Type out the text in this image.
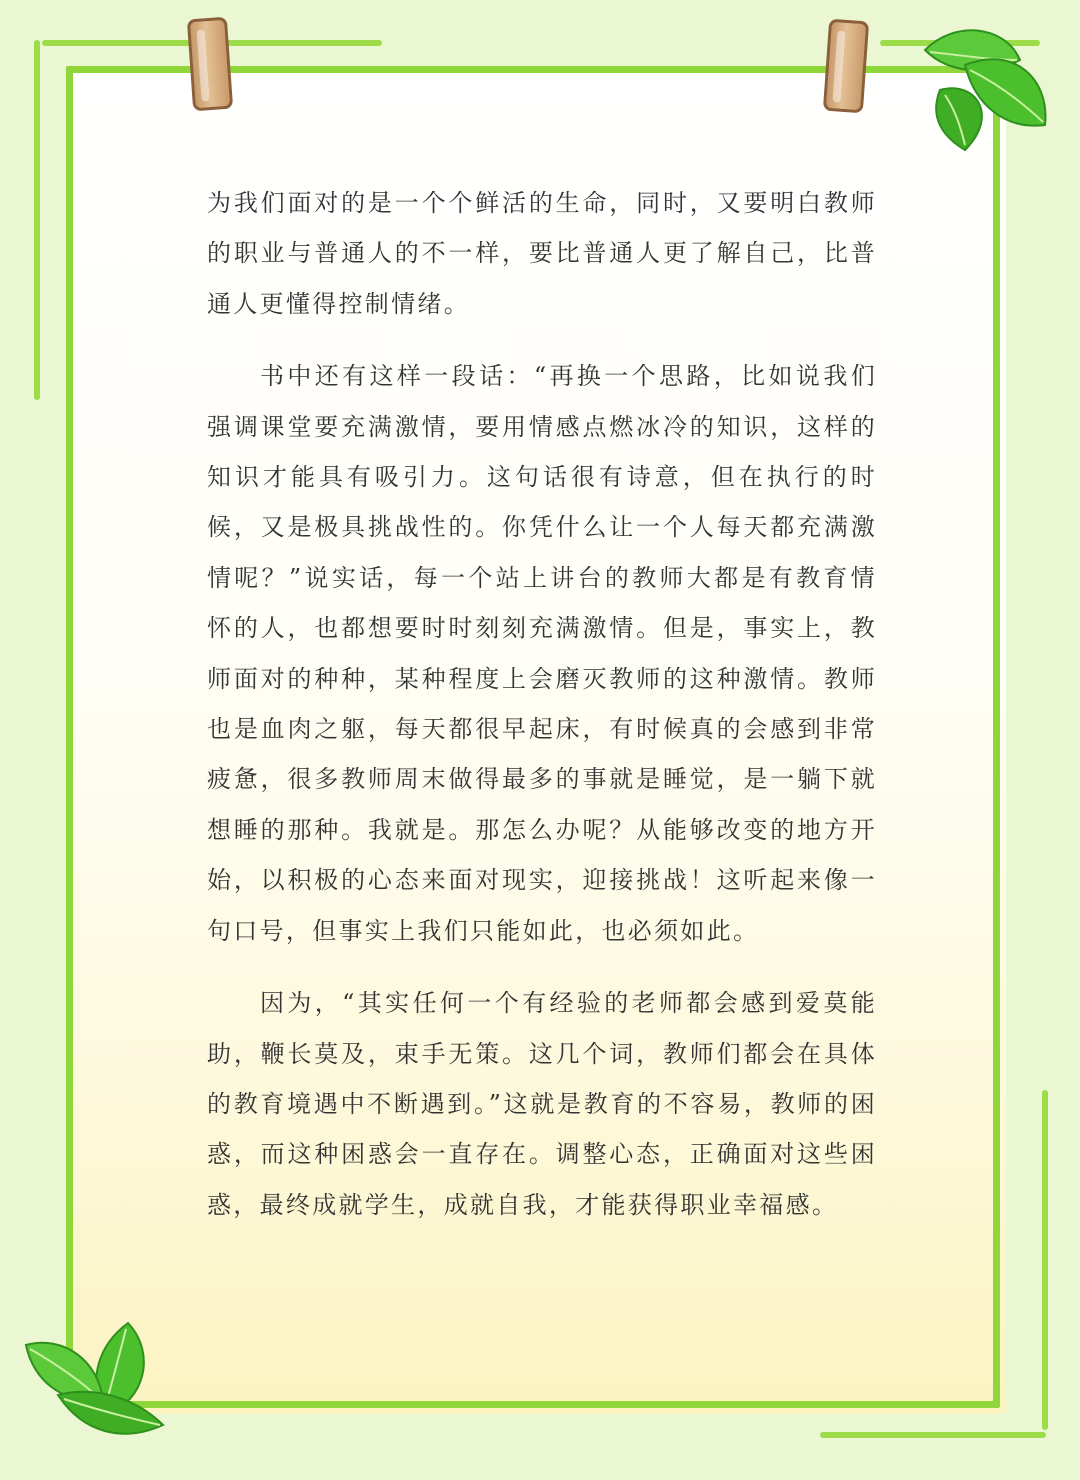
为我们面对的是一个个鲜活的生命，同时，又要明白教师的职业与普通人的不一样，要比普通人更了解自己，比普通人更懂得控制情绪。

书中还有这样一段话：“再换一个思路，比如说我们强调课堂要充满激情，要用情感点燃冰冷的知识，这样的知识才能具有吸引力。这句话很有诗意，但在执行的时候，又是极具挑战性的。你凭什么让一个人每天都充满激情呢？”说实话，每一个站上讲台的教师大都是有教育情怀的人，也都想要时时刻刻充满激情。但是，事实上，教师面对的种种，某种程度上会磨灭教师的这种激情。教师也是血肉之躯，每天都很早起床，有时候真的会感到非常疲惫，很多教师周末做得最多的事就是睡觉，是一躺下就想睡的那种。我就是。那怎么办呢？从能够改变的地方开始，以积极的心态来面对现实，迎接挑战！这听起来像一句口号，但事实上我们只能如此，也必须如此。

因为，“其实任何一个有经验的老师都会感到爱莫能助，鞭长莫及，束手无策。这几个词，教师们都会在具体的教育境遇中不断遇到。”这就是教育的不容易，教师的困惑，而这种困惑会一直存在。调整心态，正确面对这些困惑，最终成就学生，成就自我，才能获得职业幸福感。
